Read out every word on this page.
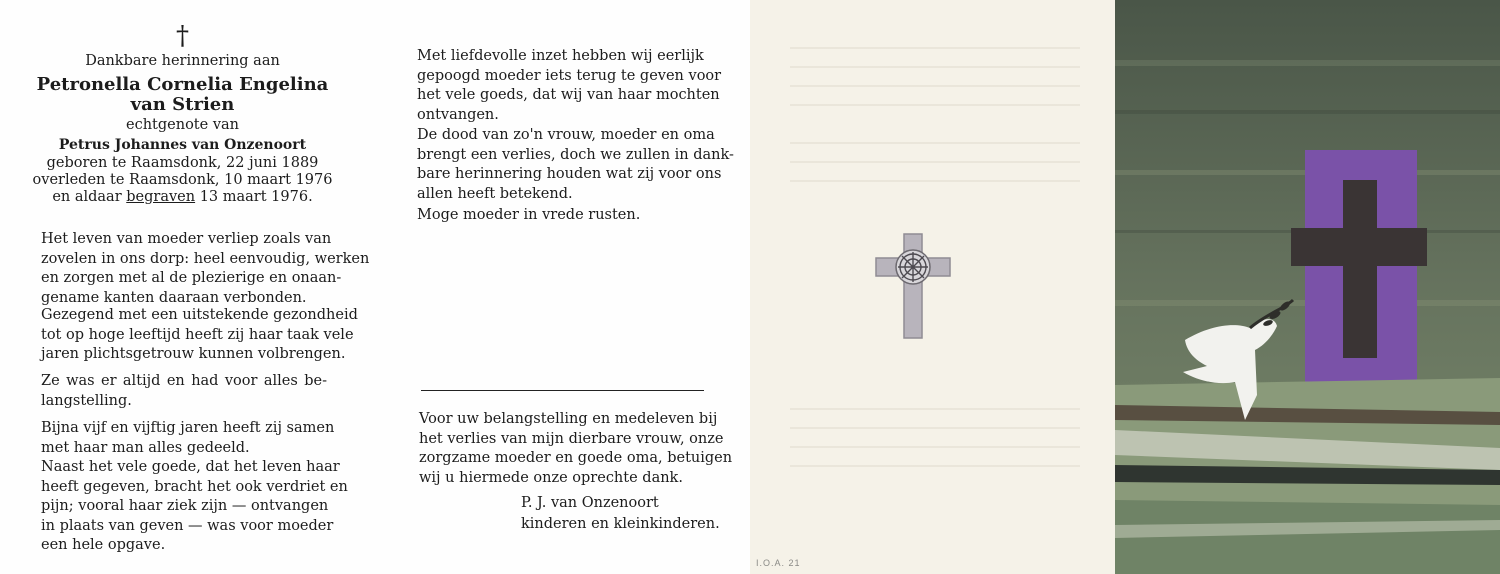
†
Dankbare herinnering aan
Petronella Cornelia Engelina
van Strien
echtgenote van
Petrus Johannes van Onzenoort
geboren te Raamsdonk, 22 juni 1889
overleden te Raamsdonk, 10 maart 1976
en aldaar begraven 13 maart 1976.
Het leven van moeder verliep zoals van
zovelen in ons dorp: heel eenvoudig, werken
en zorgen met al de plezierige en onaan-
gename kanten daaraan verbonden.
Gezegend met een uitstekende gezondheid
tot op hoge leeftijd heeft zij haar taak vele
jaren plichtsgetrouw kunnen volbrengen.
Ze was er altijd en had voor alles be-
langstelling.
Bijna vijf en vijftig jaren heeft zij samen
met haar man alles gedeeld.
Naast het vele goede, dat het leven haar
heeft gegeven, bracht het ook verdriet en
pijn; vooral haar ziek zijn — ontvangen
in plaats van geven — was voor moeder
een hele opgave.
Met liefdevolle inzet hebben wij eerlijk
gepoogd moeder iets terug te geven voor
het vele goeds, dat wij van haar mochten
ontvangen.
De dood van zo'n vrouw, moeder en oma
brengt een verlies, doch we zullen in dank-
bare herinnering houden wat zij voor ons
allen heeft betekend.
Moge moeder in vrede rusten.
Voor uw belangstelling en medeleven bij
het verlies van mijn dierbare vrouw, onze
zorgzame moeder en goede oma, betuigen
wij u hiermede onze oprechte dank.
P. J. van Onzenoort
kinderen en kleinkinderen.
I.O.A. 21
